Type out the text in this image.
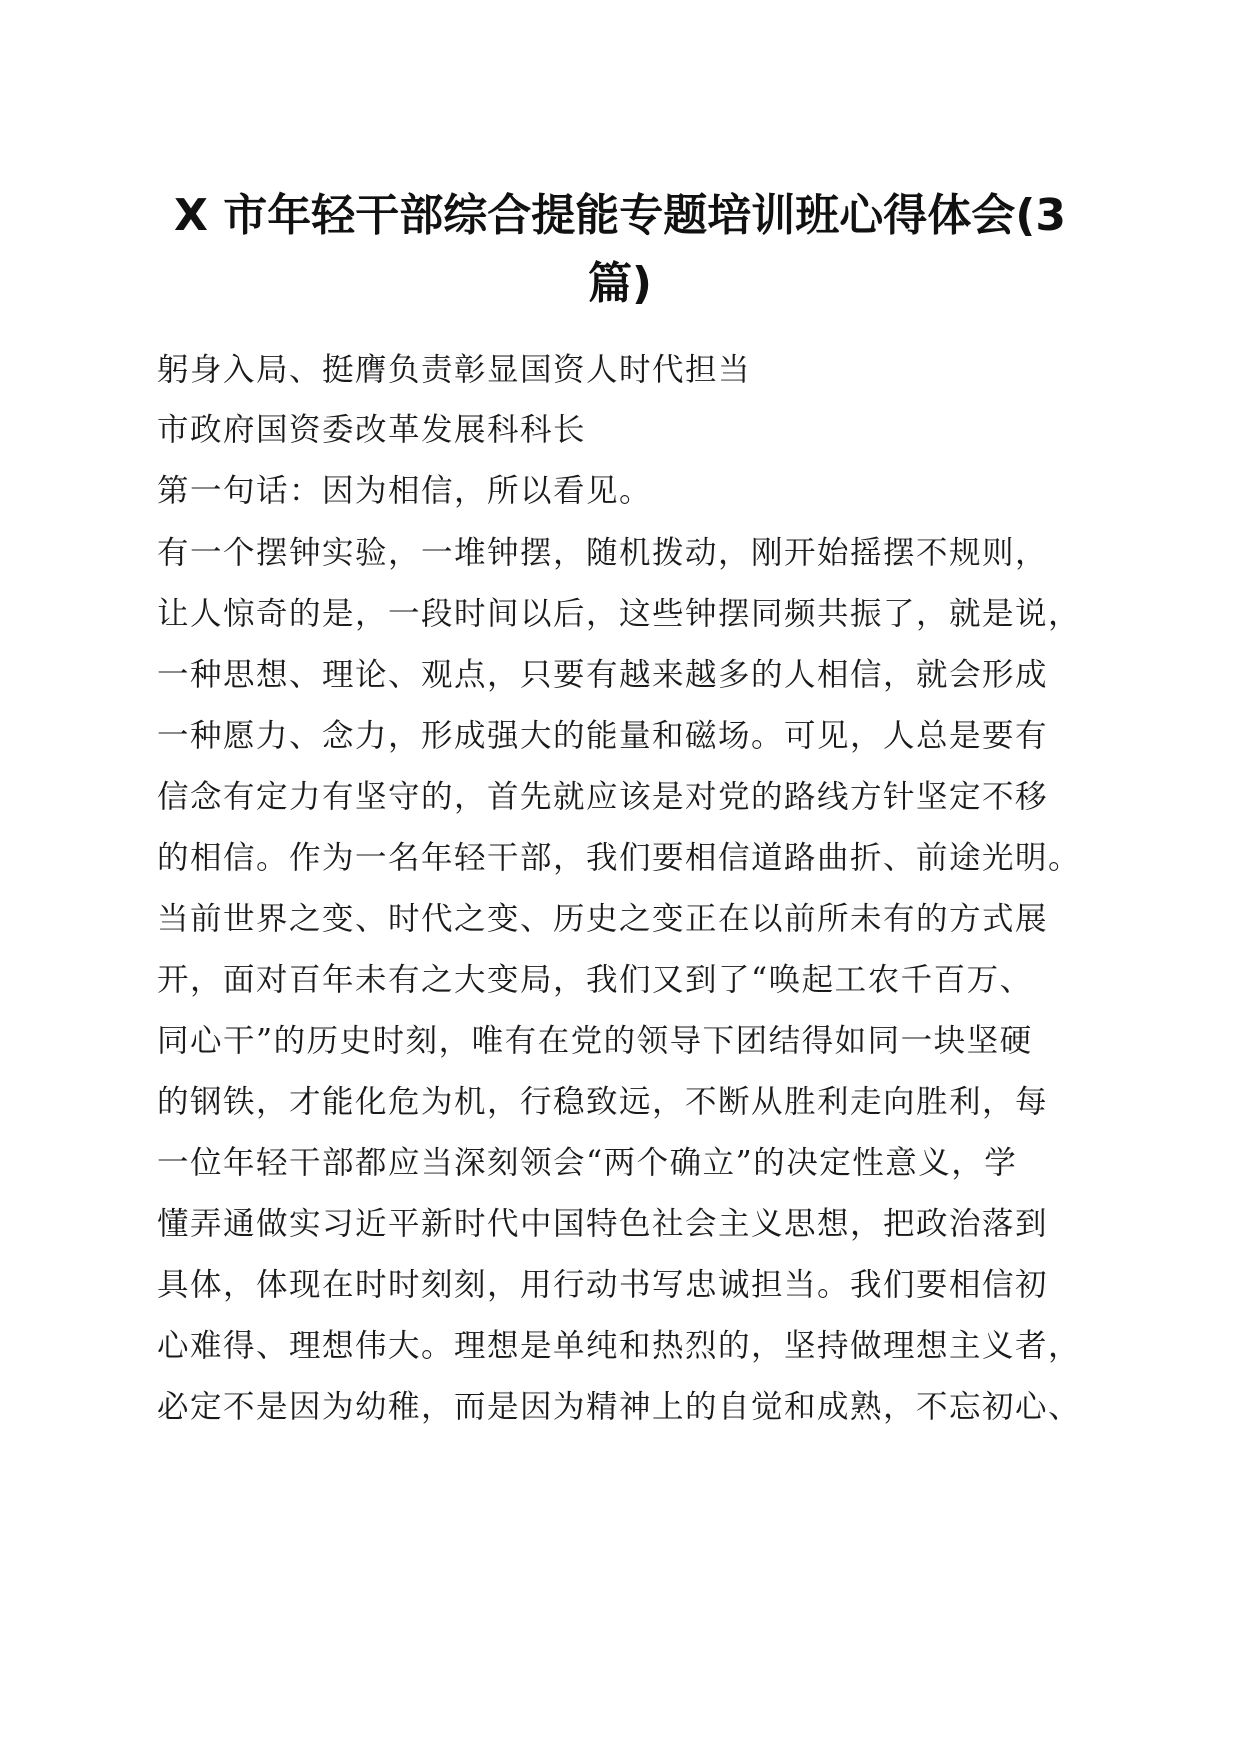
X 市年轻干部综合提能专题培训班心得体会(3
篇)
躬身入局、挺膺负责彰显国资人时代担当
市政府国资委改革发展科科长
第一句话：因为相信，所以看见。
有一个摆钟实验，一堆钟摆，随机拨动，刚开始摇摆不规则，
让人惊奇的是，一段时间以后，这些钟摆同频共振了，就是说，
一种思想、理论、观点，只要有越来越多的人相信，就会形成
一种愿力、念力，形成强大的能量和磁场。可见，人总是要有
信念有定力有坚守的，首先就应该是对党的路线方针坚定不移
的相信。作为一名年轻干部，我们要相信道路曲折、前途光明。
当前世界之变、时代之变、历史之变正在以前所未有的方式展
开，面对百年未有之大变局，我们又到了“唤起工农千百万、
同心干”的历史时刻，唯有在党的领导下团结得如同一块坚硬
的钢铁，才能化危为机，行稳致远，不断从胜利走向胜利，每
一位年轻干部都应当深刻领会“两个确立”的决定性意义，学
懂弄通做实习近平新时代中国特色社会主义思想，把政治落到
具体，体现在时时刻刻，用行动书写忠诚担当。我们要相信初
心难得、理想伟大。理想是单纯和热烈的，坚持做理想主义者，
必定不是因为幼稚，而是因为精神上的自觉和成熟，不忘初心、
